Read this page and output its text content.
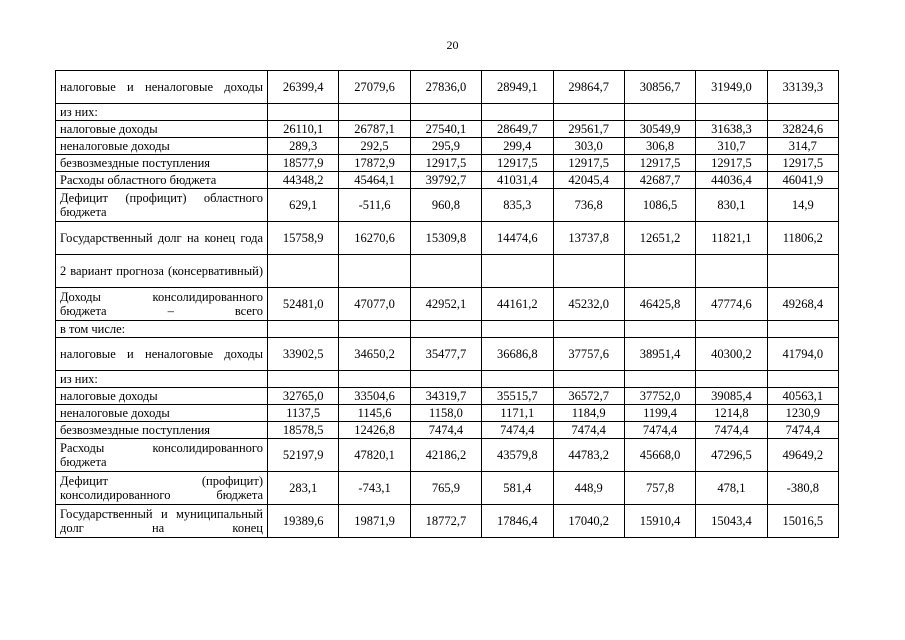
20
налоговые и неналоговые доходы	26399,4	27079,6	27836,0	28949,1	29864,7	30856,7	31949,0	33139,3
из них:								
налоговые доходы	26110,1	26787,1	27540,1	28649,7	29561,7	30549,9	31638,3	32824,6
неналоговые доходы	289,3	292,5	295,9	299,4	303,0	306,8	310,7	314,7
безвозмездные поступления	18577,9	17872,9	12917,5	12917,5	12917,5	12917,5	12917,5	12917,5
Расходы областного бюджета	44348,2	45464,1	39792,7	41031,4	42045,4	42687,7	44036,4	46041,9
Дефицит (профицит) областного бюджета	629,1	-511,6	960,8	835,3	736,8	1086,5	830,1	14,9
Государственный долг на конец года	15758,9	16270,6	15309,8	14474,6	13737,8	12651,2	11821,1	11806,2
2 вариант прогноза (консервативный)								
Доходы консолидированного бюджета – всего	52481,0	47077,0	42952,1	44161,2	45232,0	46425,8	47774,6	49268,4
в том числе:								
налоговые и неналоговые доходы	33902,5	34650,2	35477,7	36686,8	37757,6	38951,4	40300,2	41794,0
из них:								
налоговые доходы	32765,0	33504,6	34319,7	35515,7	36572,7	37752,0	39085,4	40563,1
неналоговые доходы	1137,5	1145,6	1158,0	1171,1	1184,9	1199,4	1214,8	1230,9
безвозмездные поступления	18578,5	12426,8	7474,4	7474,4	7474,4	7474,4	7474,4	7474,4
Расходы консолидированного бюджета	52197,9	47820,1	42186,2	43579,8	44783,2	45668,0	47296,5	49649,2
Дефицит (профицит) консолидированного бюджета	283,1	-743,1	765,9	581,4	448,9	757,8	478,1	-380,8
Государственный и муниципальный долг на конец	19389,6	19871,9	18772,7	17846,4	17040,2	15910,4	15043,4	15016,5
